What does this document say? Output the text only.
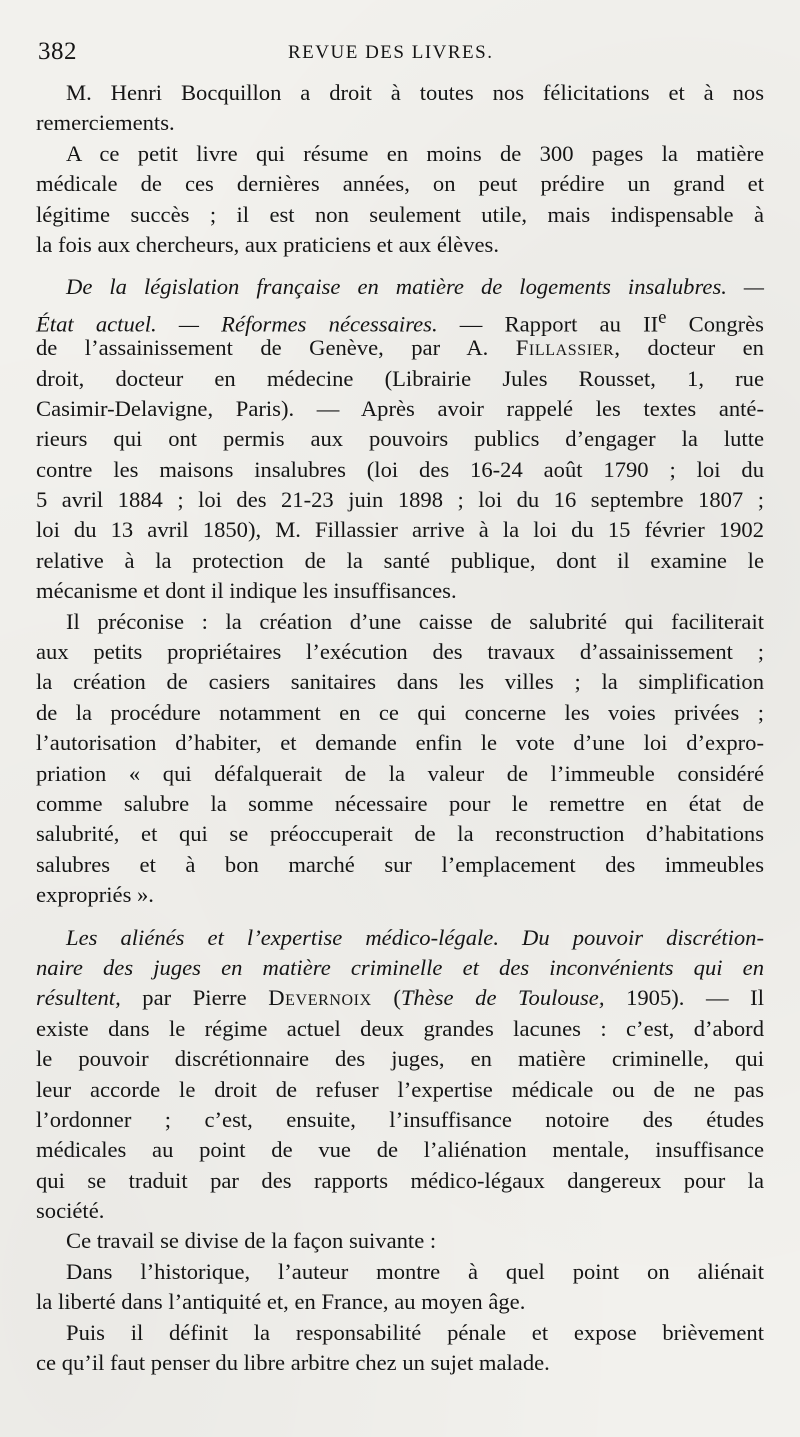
382	REVUE DES LIVRES.
M. Henri Bocquillon a droit à toutes nos félicitations et à nos
remerciements.
A ce petit livre qui résume en moins de 300 pages la matière
médicale de ces dernières années, on peut prédire un grand et
légitime succès ; il est non seulement utile, mais indispensable à
la fois aux chercheurs, aux praticiens et aux élèves.
De la législation française en matière de logements insalubres. —
État actuel. — Réformes nécessaires. — Rapport au IIe Congrès
de l’assainissement de Genève, par A. Fillassier, docteur en
droit, docteur en médecine (Librairie Jules Rousset, 1, rue
Casimir-Delavigne, Paris). — Après avoir rappelé les textes anté-
rieurs qui ont permis aux pouvoirs publics d’engager la lutte
contre les maisons insalubres (loi des 16-24 août 1790 ; loi du
5 avril 1884 ; loi des 21-23 juin 1898 ; loi du 16 septembre 1807 ;
loi du 13 avril 1850), M. Fillassier arrive à la loi du 15 février 1902
relative à la protection de la santé publique, dont il examine le
mécanisme et dont il indique les insuffisances.
Il préconise : la création d’une caisse de salubrité qui faciliterait
aux petits propriétaires l’exécution des travaux d’assainissement ;
la création de casiers sanitaires dans les villes ; la simplification
de la procédure notamment en ce qui concerne les voies privées ;
l’autorisation d’habiter, et demande enfin le vote d’une loi d’expro-
priation « qui défalquerait de la valeur de l’immeuble considéré
comme salubre la somme nécessaire pour le remettre en état de
salubrité, et qui se préoccuperait de la reconstruction d’habitations
salubres et à bon marché sur l’emplacement des immeubles
expropriés ».
Les aliénés et l’expertise médico-légale. Du pouvoir discrétion-
naire des juges en matière criminelle et des inconvénients qui en
résultent, par Pierre Devernoix (Thèse de Toulouse, 1905). — Il
existe dans le régime actuel deux grandes lacunes : c’est, d’abord
le pouvoir discrétionnaire des juges, en matière criminelle, qui
leur accorde le droit de refuser l’expertise médicale ou de ne pas
l’ordonner ; c’est, ensuite, l’insuffisance notoire des études
médicales au point de vue de l’aliénation mentale, insuffisance
qui se traduit par des rapports médico-légaux dangereux pour la
société.
Ce travail se divise de la façon suivante :
Dans l’historique, l’auteur montre à quel point on aliénait
la liberté dans l’antiquité et, en France, au moyen âge.
Puis il définit la responsabilité pénale et expose brièvement
ce qu’il faut penser du libre arbitre chez un sujet malade.
